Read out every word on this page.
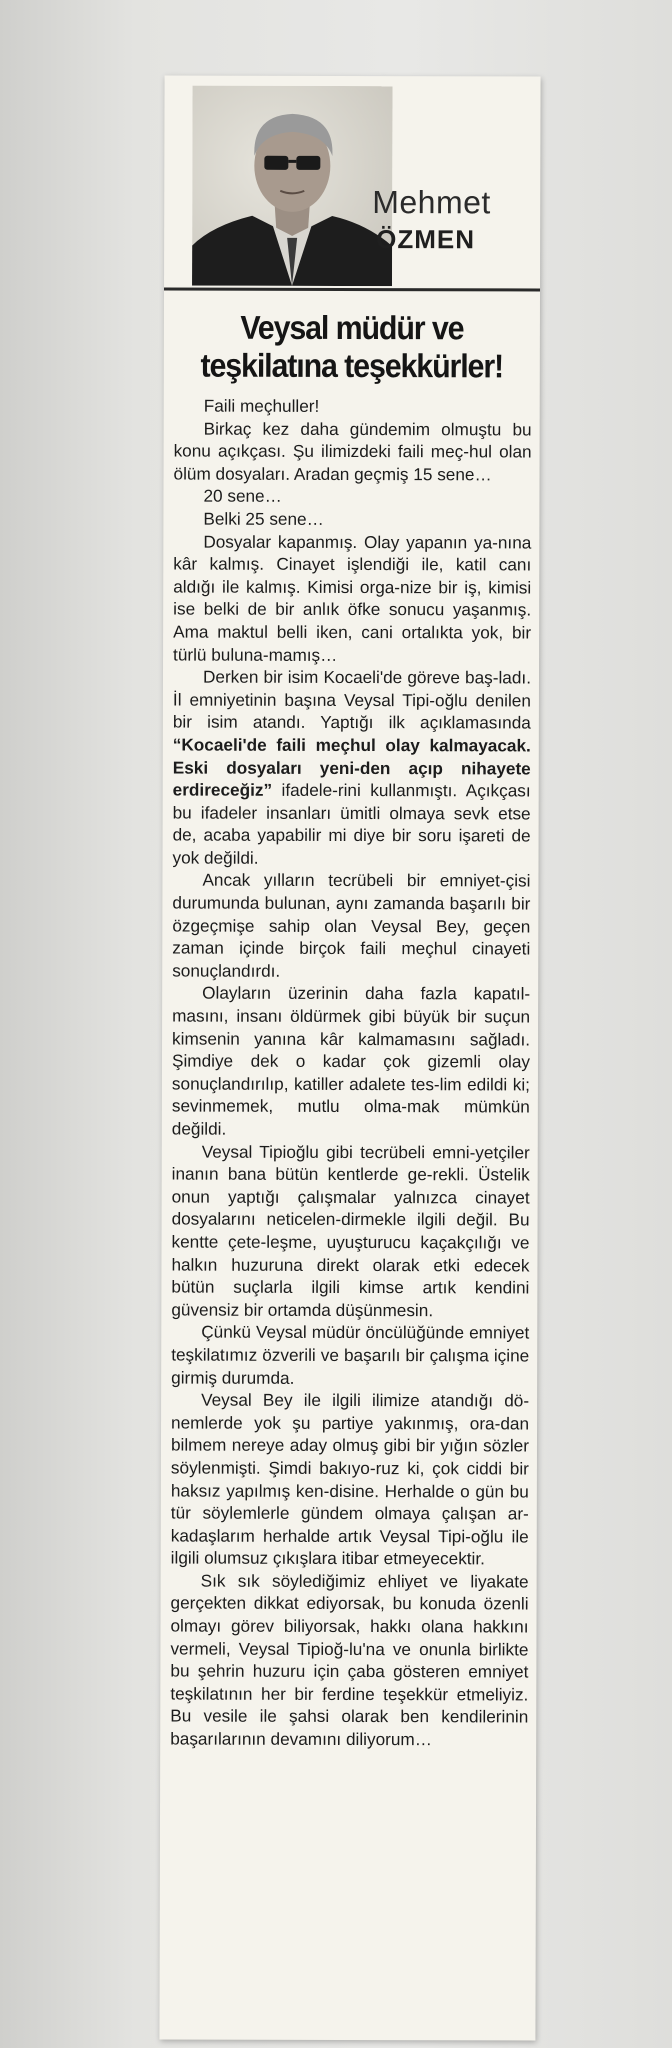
Mehmet
ÖZMEN
Veysal müdür ve teşkilatına teşekkürler!

Faili meçhuller!

Birkaç kez daha gündemim olmuştu bu konu açıkçası. Şu ilimizdeki faili meç-hul olan ölüm dosyaları. Aradan geçmiş 15 sene…

20 sene…

Belki 25 sene…

Dosyalar kapanmış. Olay yapanın ya-nına kâr kalmış. Cinayet işlendiği ile, katil canı aldığı ile kalmış. Kimisi orga-nize bir iş, kimisi ise belki de bir anlık öfke sonucu yaşanmış. Ama maktul belli iken, cani ortalıkta yok, bir türlü buluna-mamış…

Derken bir isim Kocaeli'de göreve baş-ladı. İl emniyetinin başına Veysal Tipi-oğlu denilen bir isim atandı. Yaptığı ilk açıklamasında “Kocaeli'de faili meçhul olay kalmayacak. Eski dosyaları yeni-den açıp nihayete erdireceğiz” ifadele-rini kullanmıştı. Açıkçası bu ifadeler insanları ümitli olmaya sevk etse de, acaba yapabilir mi diye bir soru işareti de yok değildi.

Ancak yılların tecrübeli bir emniyet-çisi durumunda bulunan, aynı zamanda başarılı bir özgeçmişe sahip olan Veysal Bey, geçen zaman içinde birçok faili meçhul cinayeti sonuçlandırdı.

Olayların üzerinin daha fazla kapatıl-masını, insanı öldürmek gibi büyük bir suçun kimsenin yanına kâr kalmamasını sağladı. Şimdiye dek o kadar çok gizemli olay sonuçlandırılıp, katiller adalete tes-lim edildi ki; sevinmemek, mutlu olma-mak mümkün değildi.

Veysal Tipioğlu gibi tecrübeli emni-yetçiler inanın bana bütün kentlerde ge-rekli. Üstelik onun yaptığı çalışmalar yalnızca cinayet dosyalarını neticelen-dirmekle ilgili değil. Bu kentte çete-leşme, uyuşturucu kaçakçılığı ve halkın huzuruna direkt olarak etki edecek bütün suçlarla ilgili kimse artık kendini güvensiz bir ortamda düşünmesin.

Çünkü Veysal müdür öncülüğünde emniyet teşkilatımız özverili ve başarılı bir çalışma içine girmiş durumda.

Veysal Bey ile ilgili ilimize atandığı dö-nemlerde yok şu partiye yakınmış, ora-dan bilmem nereye aday olmuş gibi bir yığın sözler söylenmişti. Şimdi bakıyo-ruz ki, çok ciddi bir haksız yapılmış ken-disine. Herhalde o gün bu tür söylemlerle gündem olmaya çalışan ar-kadaşlarım herhalde artık Veysal Tipi-oğlu ile ilgili olumsuz çıkışlara itibar etmeyecektir.

Sık sık söylediğimiz ehliyet ve liyakate gerçekten dikkat ediyorsak, bu konuda özenli olmayı görev biliyorsak, hakkı olana hakkını vermeli, Veysal Tipioğ-lu'na ve onunla birlikte bu şehrin huzuru için çaba gösteren emniyet teşkilatının her bir ferdine teşekkür etmeliyiz. Bu vesile ile şahsi olarak ben kendilerinin başarılarının devamını diliyorum…
